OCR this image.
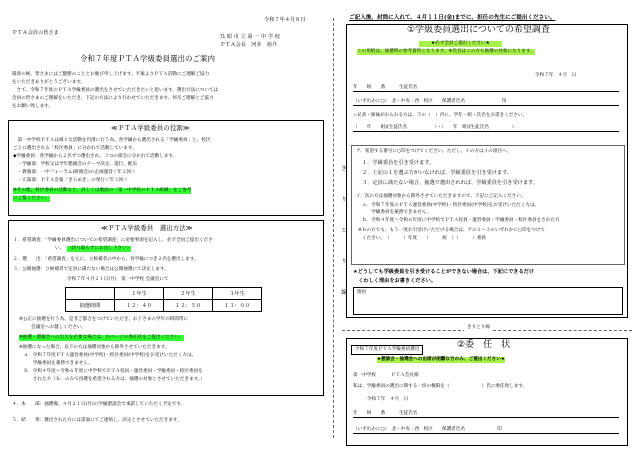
令和７年４月８日
ＰＴＡ会員の皆さま
呉 昭 市 立 第 一 中 学 校
ＰＴＡ会長　河本　裕介
令和７年度ＰＴＡ学級委員選出のご案内
陽春の候、皆さまにはご健勝のこととお慶び申し上げます。平素よりＰＴＡ活動にご理解ご協力
をいただきありがとうございます。
　さて、令和７年度のＰＴＡ学級委員の選出をさせていただきたいと思います。選出方法については
会員の皆さまのご理解をいただき、下記の方法により行わせていただきます。何卒ご理解とご協力
をお願い致します。
≪ＰＴＡ学級委員の役割≫
　第一中学校ＰＴＡは様々な活動を円滑に行う為、各学級から選出される「学級委員」と、校区
ごとに選出される「校区委員」に分かれて活動しています。
◆学級委員：各学級から２名ずつ選出され、３つの部会に分かれて活動します。
　・学級部：学校又は学年懇親会のテーマ決定、進行、配布
　・教養部：一中フォーラム(研修会)の企画運営＜年２回＞
　・広報部：ＰＴＡ会報「きらめき」の発行＜年３回＞
※その他、校区委員の活動など、詳しくは裏面の「第一中学校のＰＴＡ組織」をご参考
にご覧ください。
≪ＰＴＡ学級委員　選出方法≫
１．希望調査：「学級委員選出についての希望調査」に必要事項を記入し、必ず全員ご提出くださ
い。 （切り取らずにお出し下さい）
２．選　　出：「希望調査」を元に、立候補者の中から、各学級につき２名を選出します。
３．公開抽選：立候補者で定員に満たない場合は公開抽選にて決定します。
令和７年４月２１日(月)　第一中学校 会議室にて
	１年生	２年生	３年生
抽選時間	１２：４０	１２：５０	１３：００
※公正に抽選を行う為、是非ご都合をつけていただき、お子さまの学年の時間帯に
会議室へお越しください。
※抽選・懇親会への出欠を必要な場合は、右ページの委任状をご提出ください。
※抽選になった場合、以下の方は抽選対象から除外させていただきます。
　ａ．令和７年度ＰＴＡ運営委員(中学校)・校区委員(中学校)をお受けいただく方は、
　　　学級委員を兼務できません。
　ｂ．令和４年度～令和６年度に中学校でＰＴＡ役員・運営委員・学級委員・校区委員を
　　　された方（ｂ．のみで再選を希望される方は、抽選の対象とさせていただきます。）
４．本　　部：抽選後、４月２１日(月)の学級懇談会で承諾していただく予定です。
５．結　　果：選出された方には書面にてご連絡し、決定とさせていただきます。
き　り　と　り　線
きりとり線
ご記入後、封筒に入れて、４月１１日(金)までに、担任の先生にご提出ください。
①学級委員選出についての希望調査
★必ず全員ご提出ください★
この用紙は、抽選時の参考資料となります。※氏名はこの方も抽選の対象になります。
令和７年　４月　日
年　　組　　番　　　生徒氏名
（いずれかに○）　北・中央・西　校区　　保護者氏名　　　　　　　　印
☆兄弟・姉妹がおられる方は、下の（　）内に、学年・組・氏名をお書きください。
（　　年　　組)(生徒氏名　　　　　　）・（　　年　組)(生徒氏名　　　　　）
ア．希望する番号に○印をつけてください。ただし、イの方はイの項目へ。
１．学級委員を引き受けます。
２．上記の１を選ぶ方がいなければ、学級委員を引き受けます。
３．定員に満たない場合、抽選で選出されれば、学級委員を引き受けます。
イ．次の方は抽選対象から除外させていただきますので、下記にご記入ください。
ａ．令和７年度のＰＴＡ運営委員(中学校)・校区委員(中学校)をお受けいただく方は、
　　学級委員を兼務できません。
ｂ．令和４年度～令和６年度に中学校でＰＴＡ役員・運営委員・学級委員・校区委員をされた方
※ｂの方でも、もう一度お引受けいただける場合は、アの１～３のいずれかに○印をつけて
ください。　（　　　）年度　　（　　　組　）（　　　）委員
★どうしても学級委員を引き受けることができない場合は、下記にできるだけ
　くわしく理由をお書きください。
理由
令和７年度ＰＴＡ学級委員選出	②委　任　状
★懇談会・抽選会への出席が困難な方のみ、ご提出ください★
第一中学校	ＰＴＡ会長様
私は、学級委員の選出に関する一切の権限を（　　　　　　　）氏に委任致します。
令和７年　４月　日
年　　組　　番　　　生徒氏名
（いずれかに○）　北・中央・西　校区　　保護者氏名　　　　　　　印
